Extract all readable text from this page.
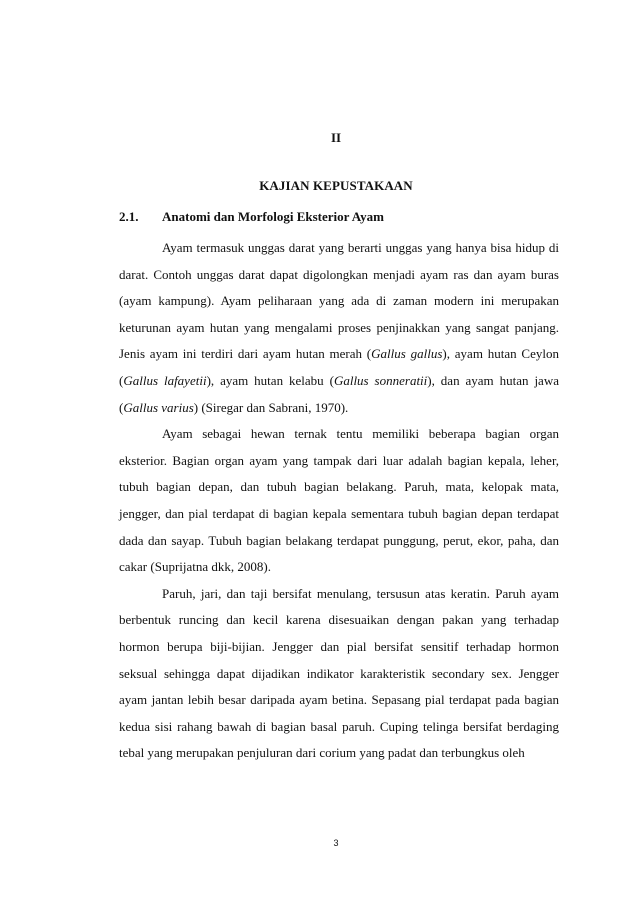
II
KAJIAN KEPUSTAKAAN
2.1. Anatomi dan Morfologi Eksterior Ayam

Ayam termasuk unggas darat yang berarti unggas yang hanya bisa hidup di darat. Contoh unggas darat dapat digolongkan menjadi ayam ras dan ayam buras (ayam kampung). Ayam peliharaan yang ada di zaman modern ini merupakan keturunan ayam hutan yang mengalami proses penjinakkan yang sangat panjang. Jenis ayam ini terdiri dari ayam hutan merah (Gallus gallus), ayam hutan Ceylon (Gallus lafayetii), ayam hutan kelabu (Gallus sonneratii), dan ayam hutan jawa (Gallus varius) (Siregar dan Sabrani, 1970).

Ayam sebagai hewan ternak tentu memiliki beberapa bagian organ eksterior. Bagian organ ayam yang tampak dari luar adalah bagian kepala, leher, tubuh bagian depan, dan tubuh bagian belakang. Paruh, mata, kelopak mata, jengger, dan pial terdapat di bagian kepala sementara tubuh bagian depan terdapat dada dan sayap. Tubuh bagian belakang terdapat punggung, perut, ekor, paha, dan cakar (Suprijatna dkk, 2008).

Paruh, jari, dan taji bersifat menulang, tersusun atas keratin. Paruh ayam berbentuk runcing dan kecil karena disesuaikan dengan pakan yang terhadap hormon berupa biji-bijian. Jengger dan pial bersifat sensitif terhadap hormon seksual sehingga dapat dijadikan indikator karakteristik secondary sex. Jengger ayam jantan lebih besar daripada ayam betina. Sepasang pial terdapat pada bagian kedua sisi rahang bawah di bagian basal paruh. Cuping telinga bersifat berdaging tebal yang merupakan penjuluran dari corium yang padat dan terbungkus oleh

3
